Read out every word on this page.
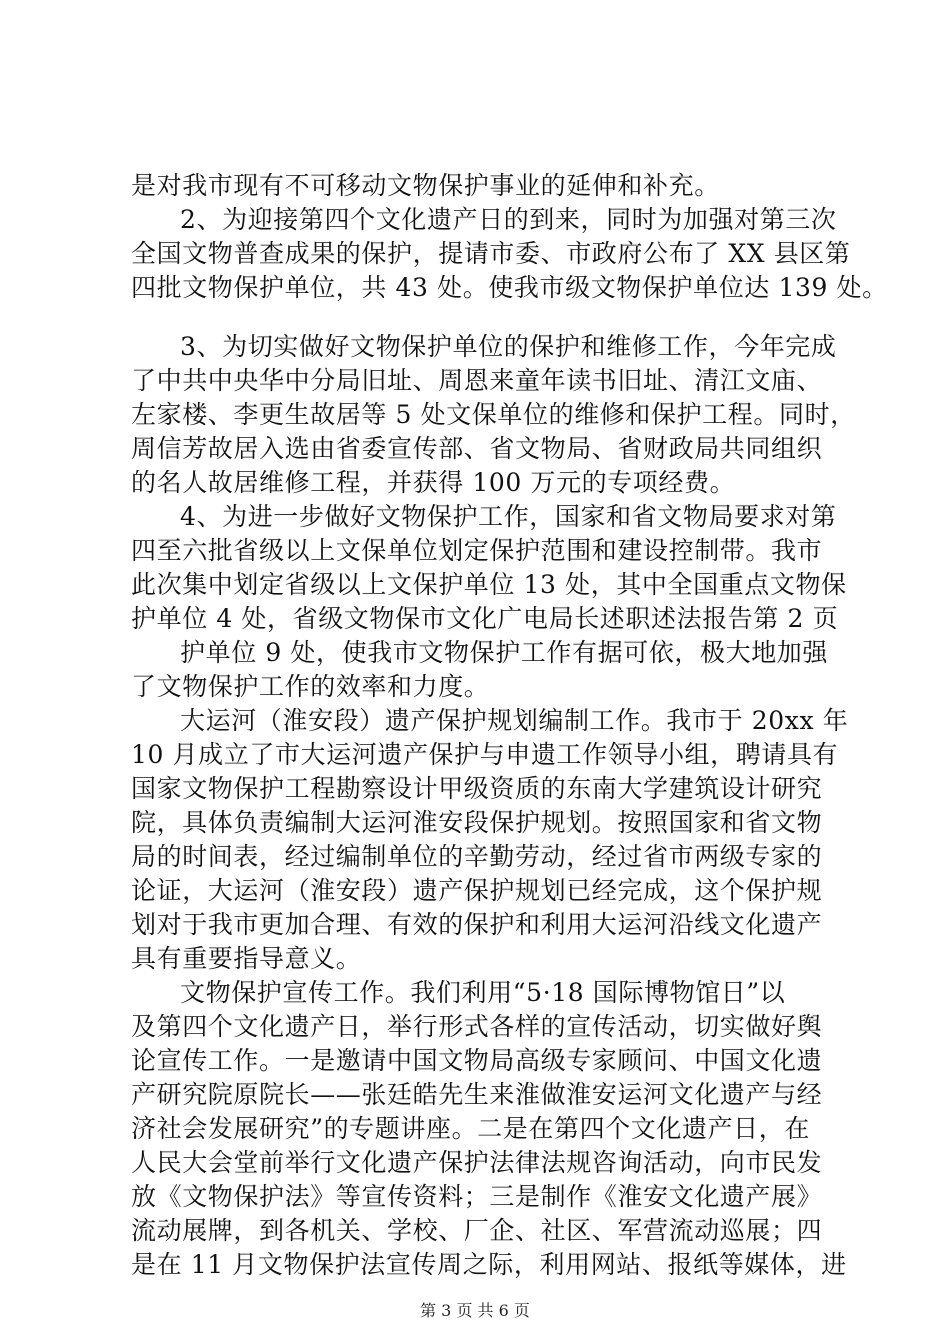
是对我市现有不可移动文物保护事业的延伸和补充。
2、为迎接第四个文化遗产日的到来，同时为加强对第三次
全国文物普查成果的保护，提请市委、市政府公布了 XX 县区第
四批文物保护单位，共 43 处。使我市级文物保护单位达 139 处。
3、为切实做好文物保护单位的保护和维修工作，今年完成
了中共中央华中分局旧址、周恩来童年读书旧址、清江文庙、
左家楼、李更生故居等 5 处文保单位的维修和保护工程。同时，
周信芳故居入选由省委宣传部、省文物局、省财政局共同组织
的名人故居维修工程，并获得 100 万元的专项经费。
4、为进一步做好文物保护工作，国家和省文物局要求对第
四至六批省级以上文保单位划定保护范围和建设控制带。我市
此次集中划定省级以上文保护单位 13 处，其中全国重点文物保
护单位 4 处，省级文物保市文化广电局长述职述法报告第 2 页
护单位 9 处，使我市文物保护工作有据可依，极大地加强
了文物保护工作的效率和力度。
大运河（淮安段）遗产保护规划编制工作。我市于 20xx 年
10 月成立了市大运河遗产保护与申遗工作领导小组，聘请具有
国家文物保护工程勘察设计甲级资质的东南大学建筑设计研究
院，具体负责编制大运河淮安段保护规划。按照国家和省文物
局的时间表，经过编制单位的辛勤劳动，经过省市两级专家的
论证，大运河（淮安段）遗产保护规划已经完成，这个保护规
划对于我市更加合理、有效的保护和利用大运河沿线文化遗产
具有重要指导意义。
文物保护宣传工作。我们利用“5·18 国际博物馆日”以
及第四个文化遗产日，举行形式各样的宣传活动，切实做好舆
论宣传工作。一是邀请中国文物局高级专家顾问、中国文化遗
产研究院原院长——张廷皓先生来淮做淮安运河文化遗产与经
济社会发展研究”的专题讲座。二是在第四个文化遗产日，在
人民大会堂前举行文化遗产保护法律法规咨询活动，向市民发
放《文物保护法》等宣传资料；三是制作《淮安文化遗产展》
流动展牌，到各机关、学校、厂企、社区、军营流动巡展；四
是在 11 月文物保护法宣传周之际，利用网站、报纸等媒体，进
第 3 页 共 6 页
